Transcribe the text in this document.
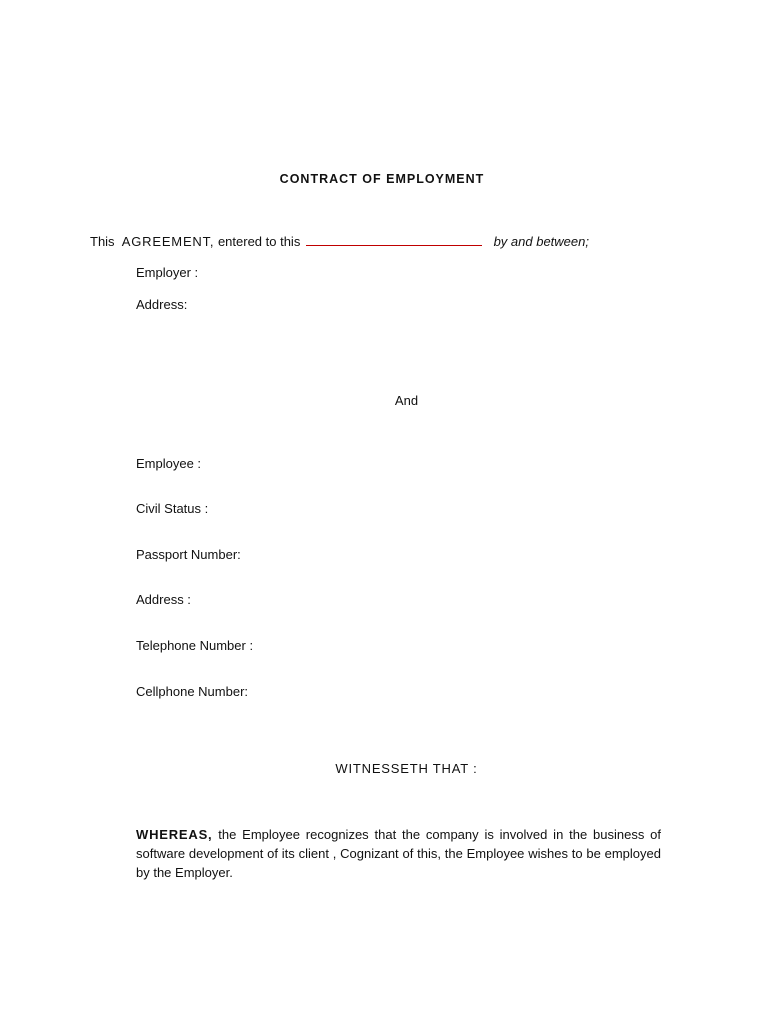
CONTRACT OF EMPLOYMENT
This AGREEMENT, entered to this	by and between;
Employer :
Address:
And
Employee :
Civil Status :
Passport Number:
Address :
Telephone Number :
Cellphone Number:
WITNESSETH THAT :
WHEREAS, the Employee recognizes that the company is involved in the business of software development of its client , Cognizant of this, the Employee wishes to be employed by the Employer.
